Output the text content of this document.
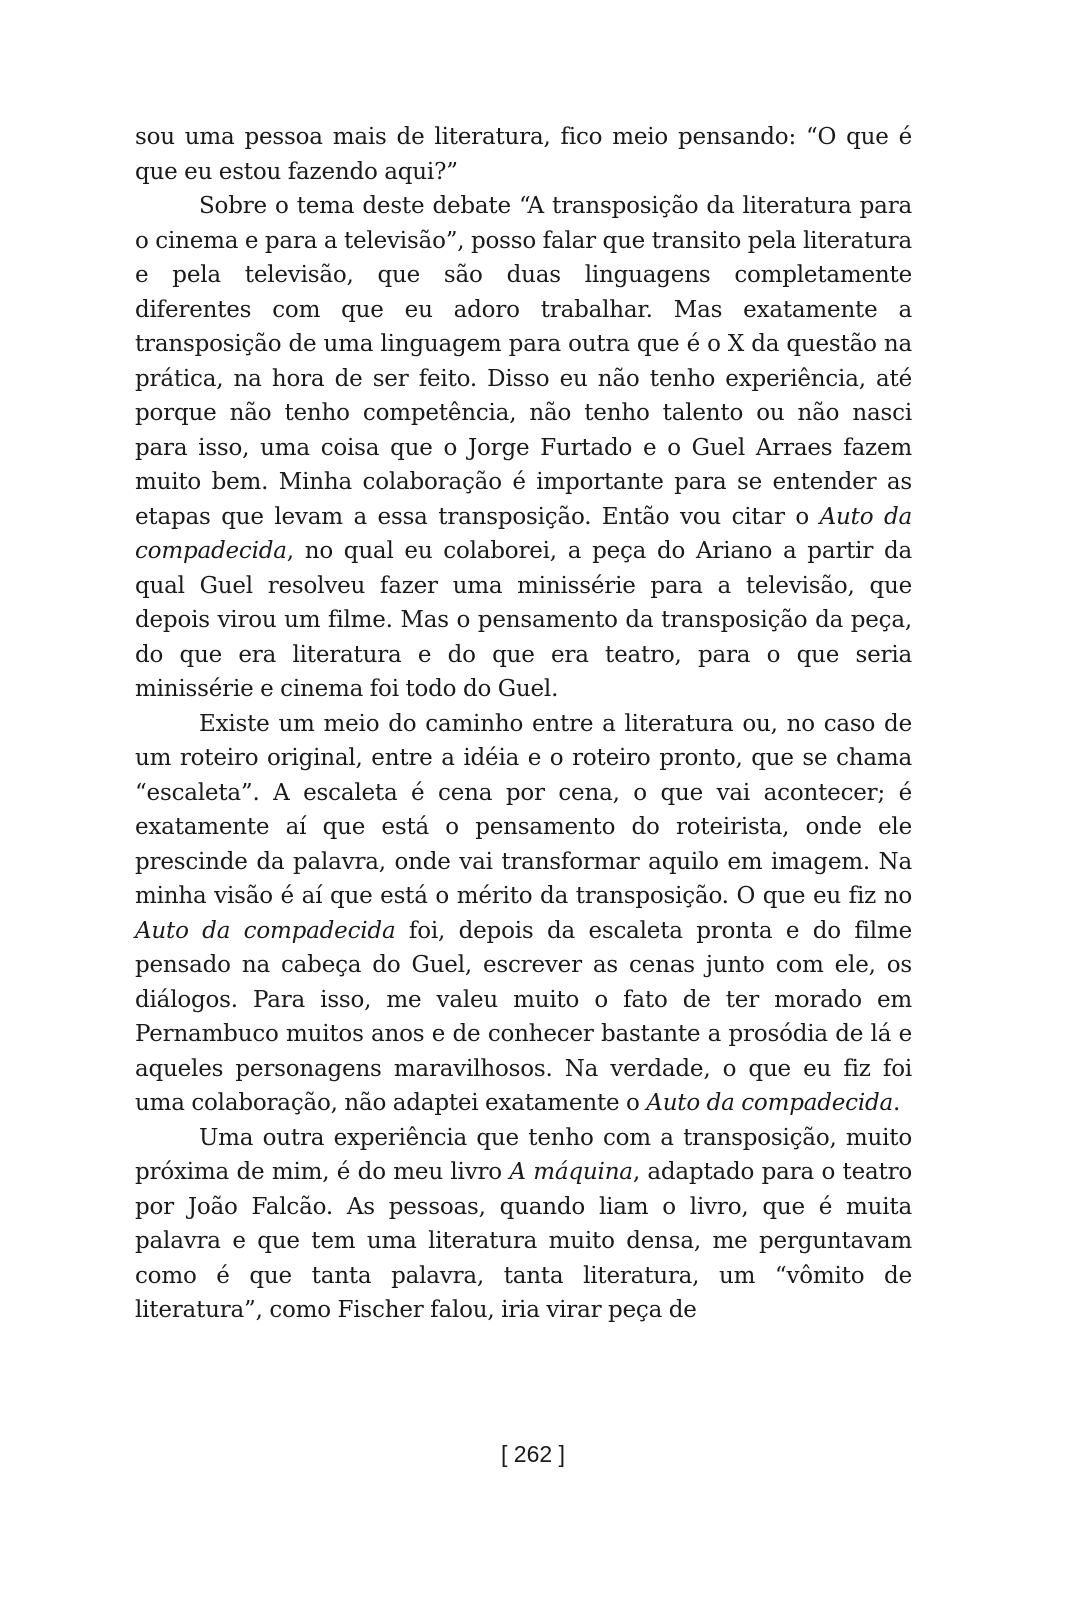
sou uma pessoa mais de literatura, fico meio pensando: “O que é que eu estou fazendo aqui?”

Sobre o tema deste debate “A transposição da literatura para o cinema e para a televisão”, posso falar que transito pela literatura e pela televisão, que são duas linguagens completamente diferentes com que eu adoro trabalhar. Mas exatamente a transposição de uma linguagem para outra que é o X da questão na prática, na hora de ser feito. Disso eu não tenho experiência, até porque não tenho competência, não tenho talento ou não nasci para isso, uma coisa que o Jorge Furtado e o Guel Arraes fazem muito bem. Minha colaboração é importante para se entender as etapas que levam a essa transposição. Então vou citar o Auto da compadecida, no qual eu colaborei, a peça do Ariano a partir da qual Guel resolveu fazer uma minissérie para a televisão, que depois virou um filme. Mas o pensamento da transposição da peça, do que era literatura e do que era teatro, para o que seria minissérie e cinema foi todo do Guel.

Existe um meio do caminho entre a literatura ou, no caso de um roteiro original, entre a idéia e o roteiro pronto, que se chama “escaleta”. A escaleta é cena por cena, o que vai acontecer; é exatamente aí que está o pensamento do roteirista, onde ele prescinde da palavra, onde vai transformar aquilo em imagem. Na minha visão é aí que está o mérito da transposição. O que eu fiz no Auto da compadecida foi, depois da escaleta pronta e do filme pensado na cabeça do Guel, escrever as cenas junto com ele, os diálogos. Para isso, me valeu muito o fato de ter morado em Pernambuco muitos anos e de conhecer bastante a prosódia de lá e aqueles personagens maravilhosos. Na verdade, o que eu fiz foi uma colaboração, não adaptei exatamente o Auto da compadecida.

Uma outra experiência que tenho com a transposição, muito próxima de mim, é do meu livro A máquina, adaptado para o teatro por João Falcão. As pessoas, quando liam o livro, que é muita palavra e que tem uma literatura muito densa, me perguntavam como é que tanta palavra, tanta literatura, um “vômito de literatura”, como Fischer falou, iria virar peça de

[ 262 ]
